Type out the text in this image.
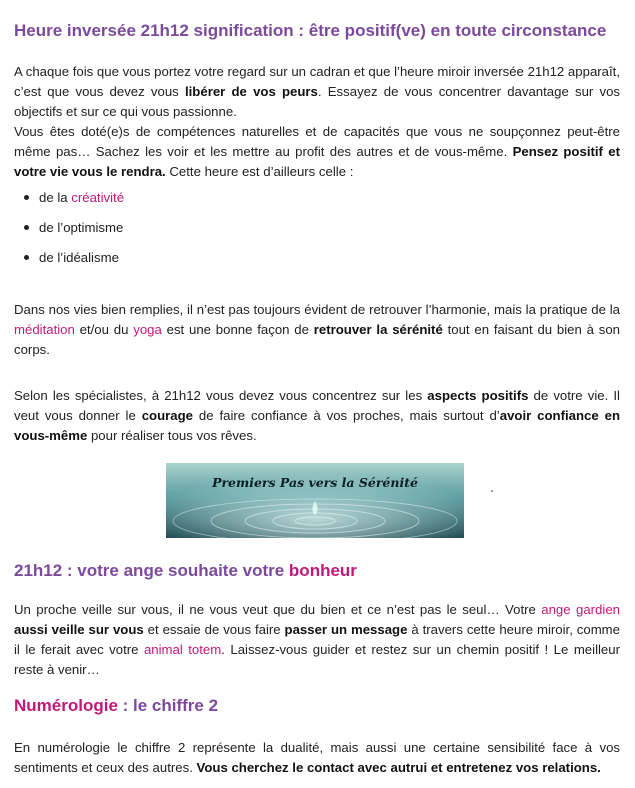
Heure inversée 21h12 signification : être positif(ve) en toute circonstance

A chaque fois que vous portez votre regard sur un cadran et que l’heure miroir inversée 21h12 apparaît, c’est que vous devez vous libérer de vos peurs. Essayez de vous concentrer davantage sur vos objectifs et sur ce qui vous passionne.

Vous êtes doté(e)s de compétences naturelles et de capacités que vous ne soupçonnez peut-être même pas… Sachez les voir et les mettre au profit des autres et de vous-même. Pensez positif et votre vie vous le rendra. Cette heure est d’ailleurs celle :

de la créativité
de l’optimisme
de l’idéalisme

Dans nos vies bien remplies, il n’est pas toujours évident de retrouver l’harmonie, mais la pratique de la méditation et/ou du yoga est une bonne façon de retrouver la sérénité tout en faisant du bien à son corps.

Selon les spécialistes, à 21h12 vous devez vous concentrez sur les aspects positifs de votre vie. Il veut vous donner le courage de faire confiance à vos proches, mais surtout d’avoir confiance en vous-même pour réaliser tous vos rêves.

Premiers Pas vers la Sérénité
21h12 : votre ange souhaite votre bonheur

Un proche veille sur vous, il ne vous veut que du bien et ce n’est pas le seul… Votre ange gardien aussi veille sur vous et essaie de vous faire passer un message à travers cette heure miroir, comme il le ferait avec votre animal totem. Laissez-vous guider et restez sur un chemin positif ! Le meilleur reste à venir…

Numérologie : le chiffre 2

En numérologie le chiffre 2 représente la dualité, mais aussi une certaine sensibilité face à vos sentiments et ceux des autres. Vous cherchez le contact avec autrui et entretenez vos relations.
